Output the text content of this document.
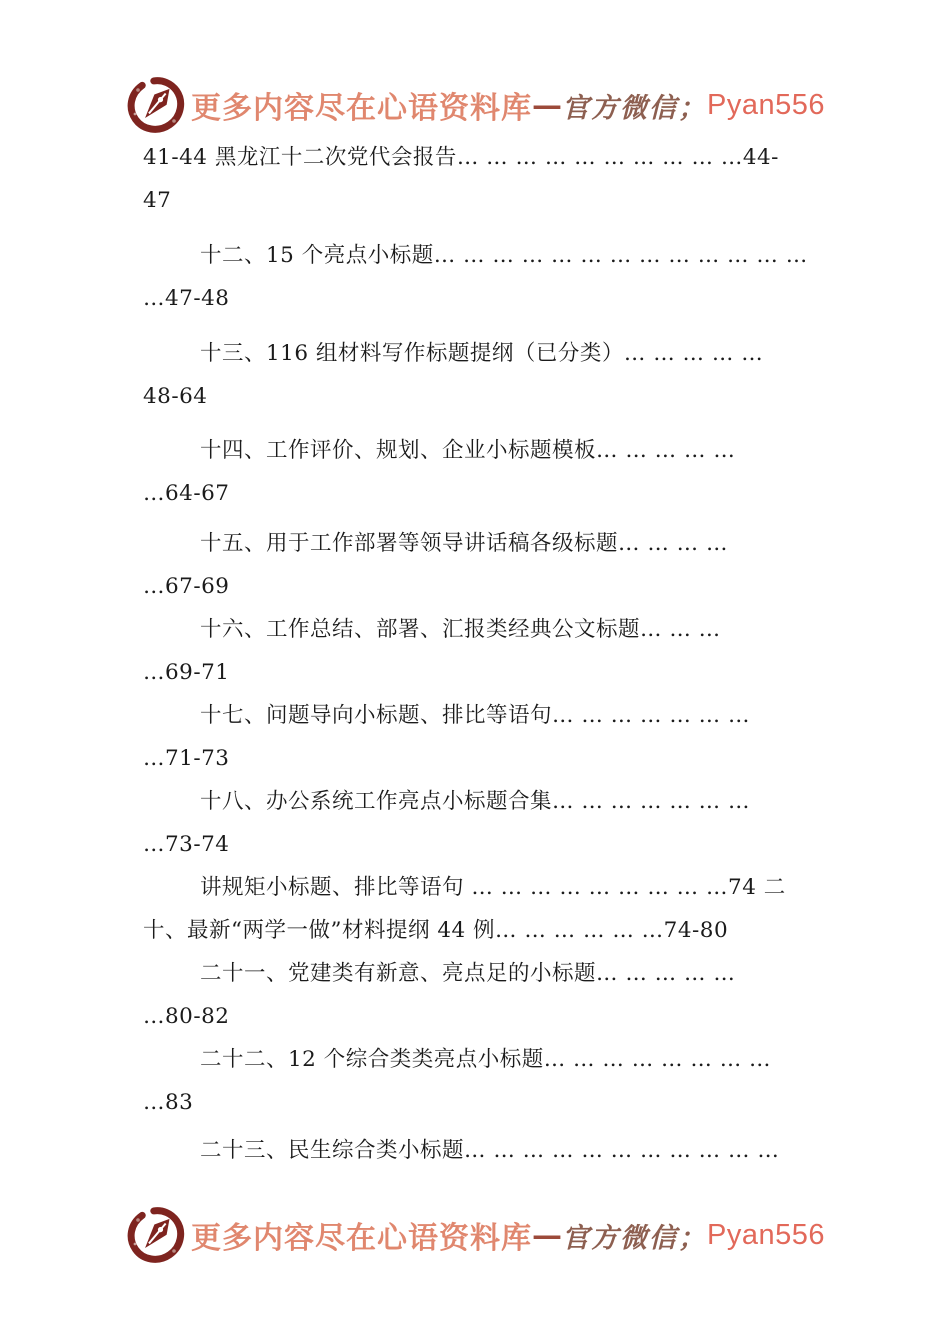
更多内容尽在心语资料库 — 官方微信； Pyan556
41-44 黑龙江十二次党代会报告… … … … … … … … … …44-
47
十二、15 个亮点小标题… … … … … … … … … … … … …
…47-48
十三、116 组材料写作标题提纲（已分类）… … … … …
48-64
十四、工作评价、规划、企业小标题模板… … … … …
…64-67
十五、用于工作部署等领导讲话稿各级标题… … … …
…67-69
十六、工作总结、部署、汇报类经典公文标题… … …
…69-71
十七、问题导向小标题、排比等语句… … … … … … …
…71-73
十八、办公系统工作亮点小标题合集… … … … … … …
…73-74
讲规矩小标题、排比等语句 … … … … … … … … …74 二
十、最新“两学一做”材料提纲 44 例… … … … … …74-80
二十一、党建类有新意、亮点足的小标题… … … … …
…80-82
二十二、12 个综合类类亮点小标题… … … … … … … …
…83
二十三、民生综合类小标题… … … … … … … … … … …
更多内容尽在心语资料库 — 官方微信； Pyan556
